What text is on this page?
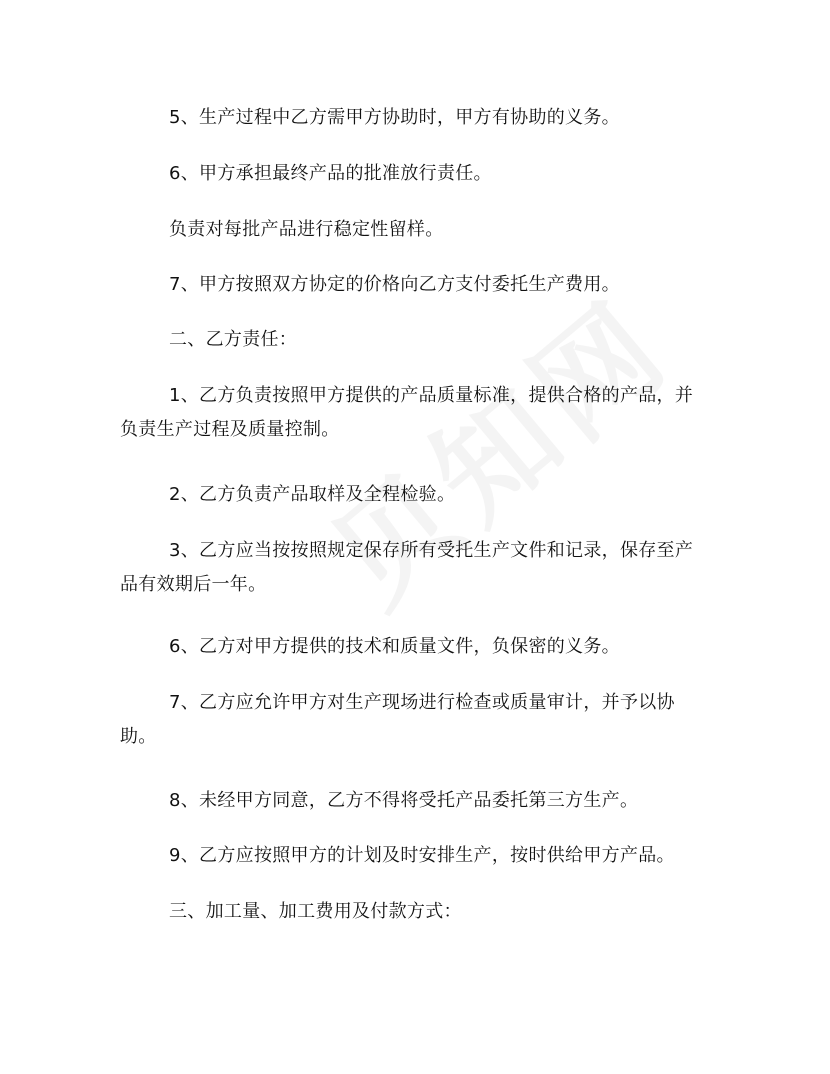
5、生产过程中乙方需甲方协助时，甲方有协助的义务。

6、甲方承担最终产品的批准放行责任。

负责对每批产品进行稳定性留样。

7、甲方按照双方协定的价格向乙方支付委托生产费用。

二、乙方责任：

1、乙方负责按照甲方提供的产品质量标准，提供合格的产品，并负责生产过程及质量控制。

2、乙方负责产品取样及全程检验。

3、乙方应当按按照规定保存所有受托生产文件和记录，保存至产品有效期后一年。

6、乙方对甲方提供的技术和质量文件，负保密的义务。

7、乙方应允许甲方对生产现场进行检查或质量审计，并予以协助。

8、未经甲方同意，乙方不得将受托产品委托第三方生产。

9、乙方应按照甲方的计划及时安排生产，按时供给甲方产品。

三、加工量、加工费用及付款方式：
